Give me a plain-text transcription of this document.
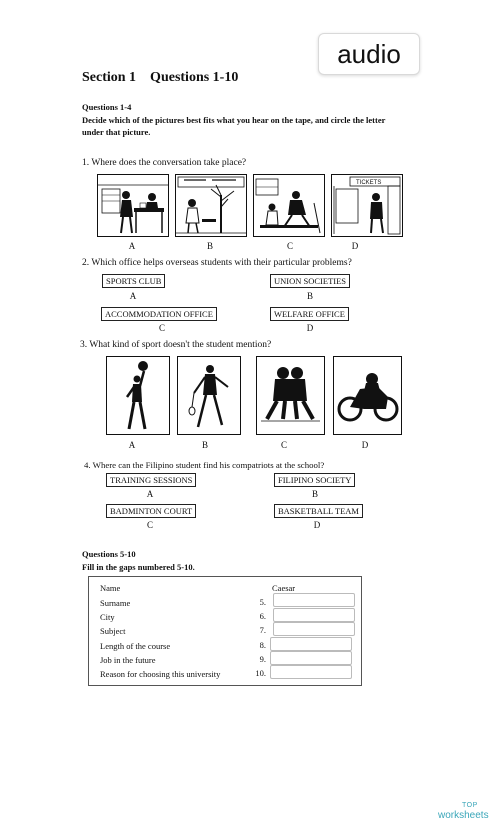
audio
Section 1    Questions 1-10
Questions 1-4
Decide which of the pictures best fits what you hear on the tape, and circle the letter
under that picture.
1. Where does the conversation take place?
TICKETS
A	B	C	D
2. Which office helps overseas students with their particular problems?
SPORTS CLUB	UNION SOCIETIES
A	B
ACCOMMODATION OFFICE	WELFARE OFFICE
C	D
3. What kind of sport doesn't the student mention?
A	B	C	D
4. Where can the Filipino student find his compatriots at the school?
TRAINING SESSIONS	FILIPINO SOCIETY
A	B
BADMINTON COURT	BASKETBALL TEAM
C	D
Questions 5-10
Fill in the gaps numbered 5-10.
Name	Caesar
Surname	5.
City	6.
Subject	7.
Length of the course	8.
Job in the future	9.
Reason for choosing this university	10.
TOP
worksheets
